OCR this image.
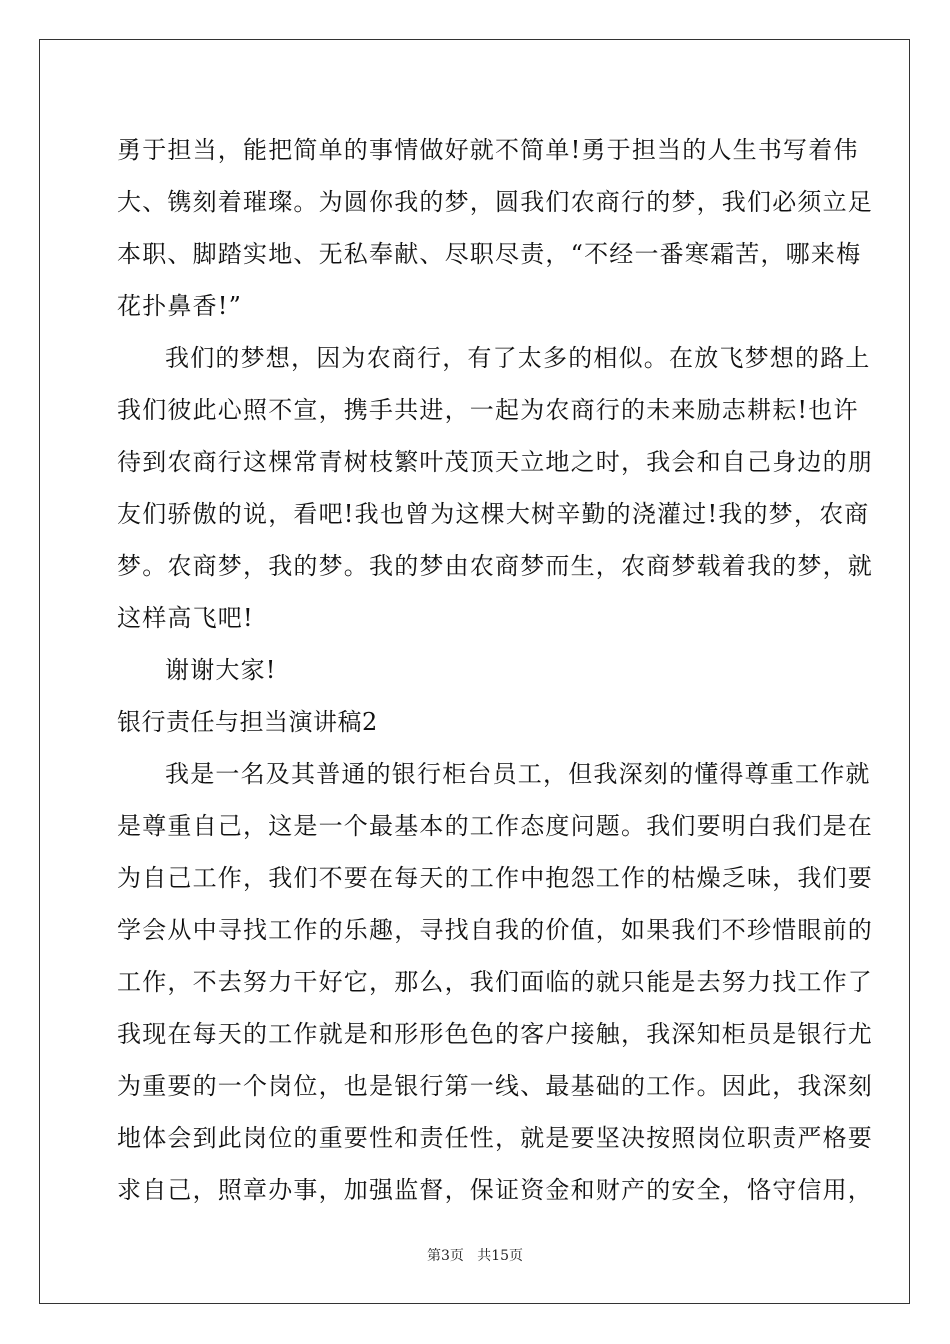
勇于担当，能把简单的事情做好就不简单!勇于担当的人生书写着伟
大、镌刻着璀璨。为圆你我的梦，圆我们农商行的梦，我们必须立足
本职、脚踏实地、无私奉献、尽职尽责，“不经一番寒霜苦，哪来梅
花扑鼻香!”
我们的梦想，因为农商行，有了太多的相似。在放飞梦想的路上
我们彼此心照不宣，携手共进，一起为农商行的未来励志耕耘!也许
待到农商行这棵常青树枝繁叶茂顶天立地之时，我会和自己身边的朋
友们骄傲的说，看吧!我也曾为这棵大树辛勤的浇灌过!我的梦，农商
梦。农商梦，我的梦。我的梦由农商梦而生，农商梦载着我的梦，就
这样高飞吧!
谢谢大家!
银行责任与担当演讲稿2
我是一名及其普通的银行柜台员工，但我深刻的懂得尊重工作就
是尊重自己，这是一个最基本的工作态度问题。我们要明白我们是在
为自己工作，我们不要在每天的工作中抱怨工作的枯燥乏味，我们要
学会从中寻找工作的乐趣，寻找自我的价值，如果我们不珍惜眼前的
工作，不去努力干好它，那么，我们面临的就只能是去努力找工作了
我现在每天的工作就是和形形色色的客户接触，我深知柜员是银行尤
为重要的一个岗位，也是银行第一线、最基础的工作。因此，我深刻
地体会到此岗位的重要性和责任性，就是要坚决按照岗位职责严格要
求自己，照章办事，加强监督，保证资金和财产的安全，恪守信用，
第3页   共15页
